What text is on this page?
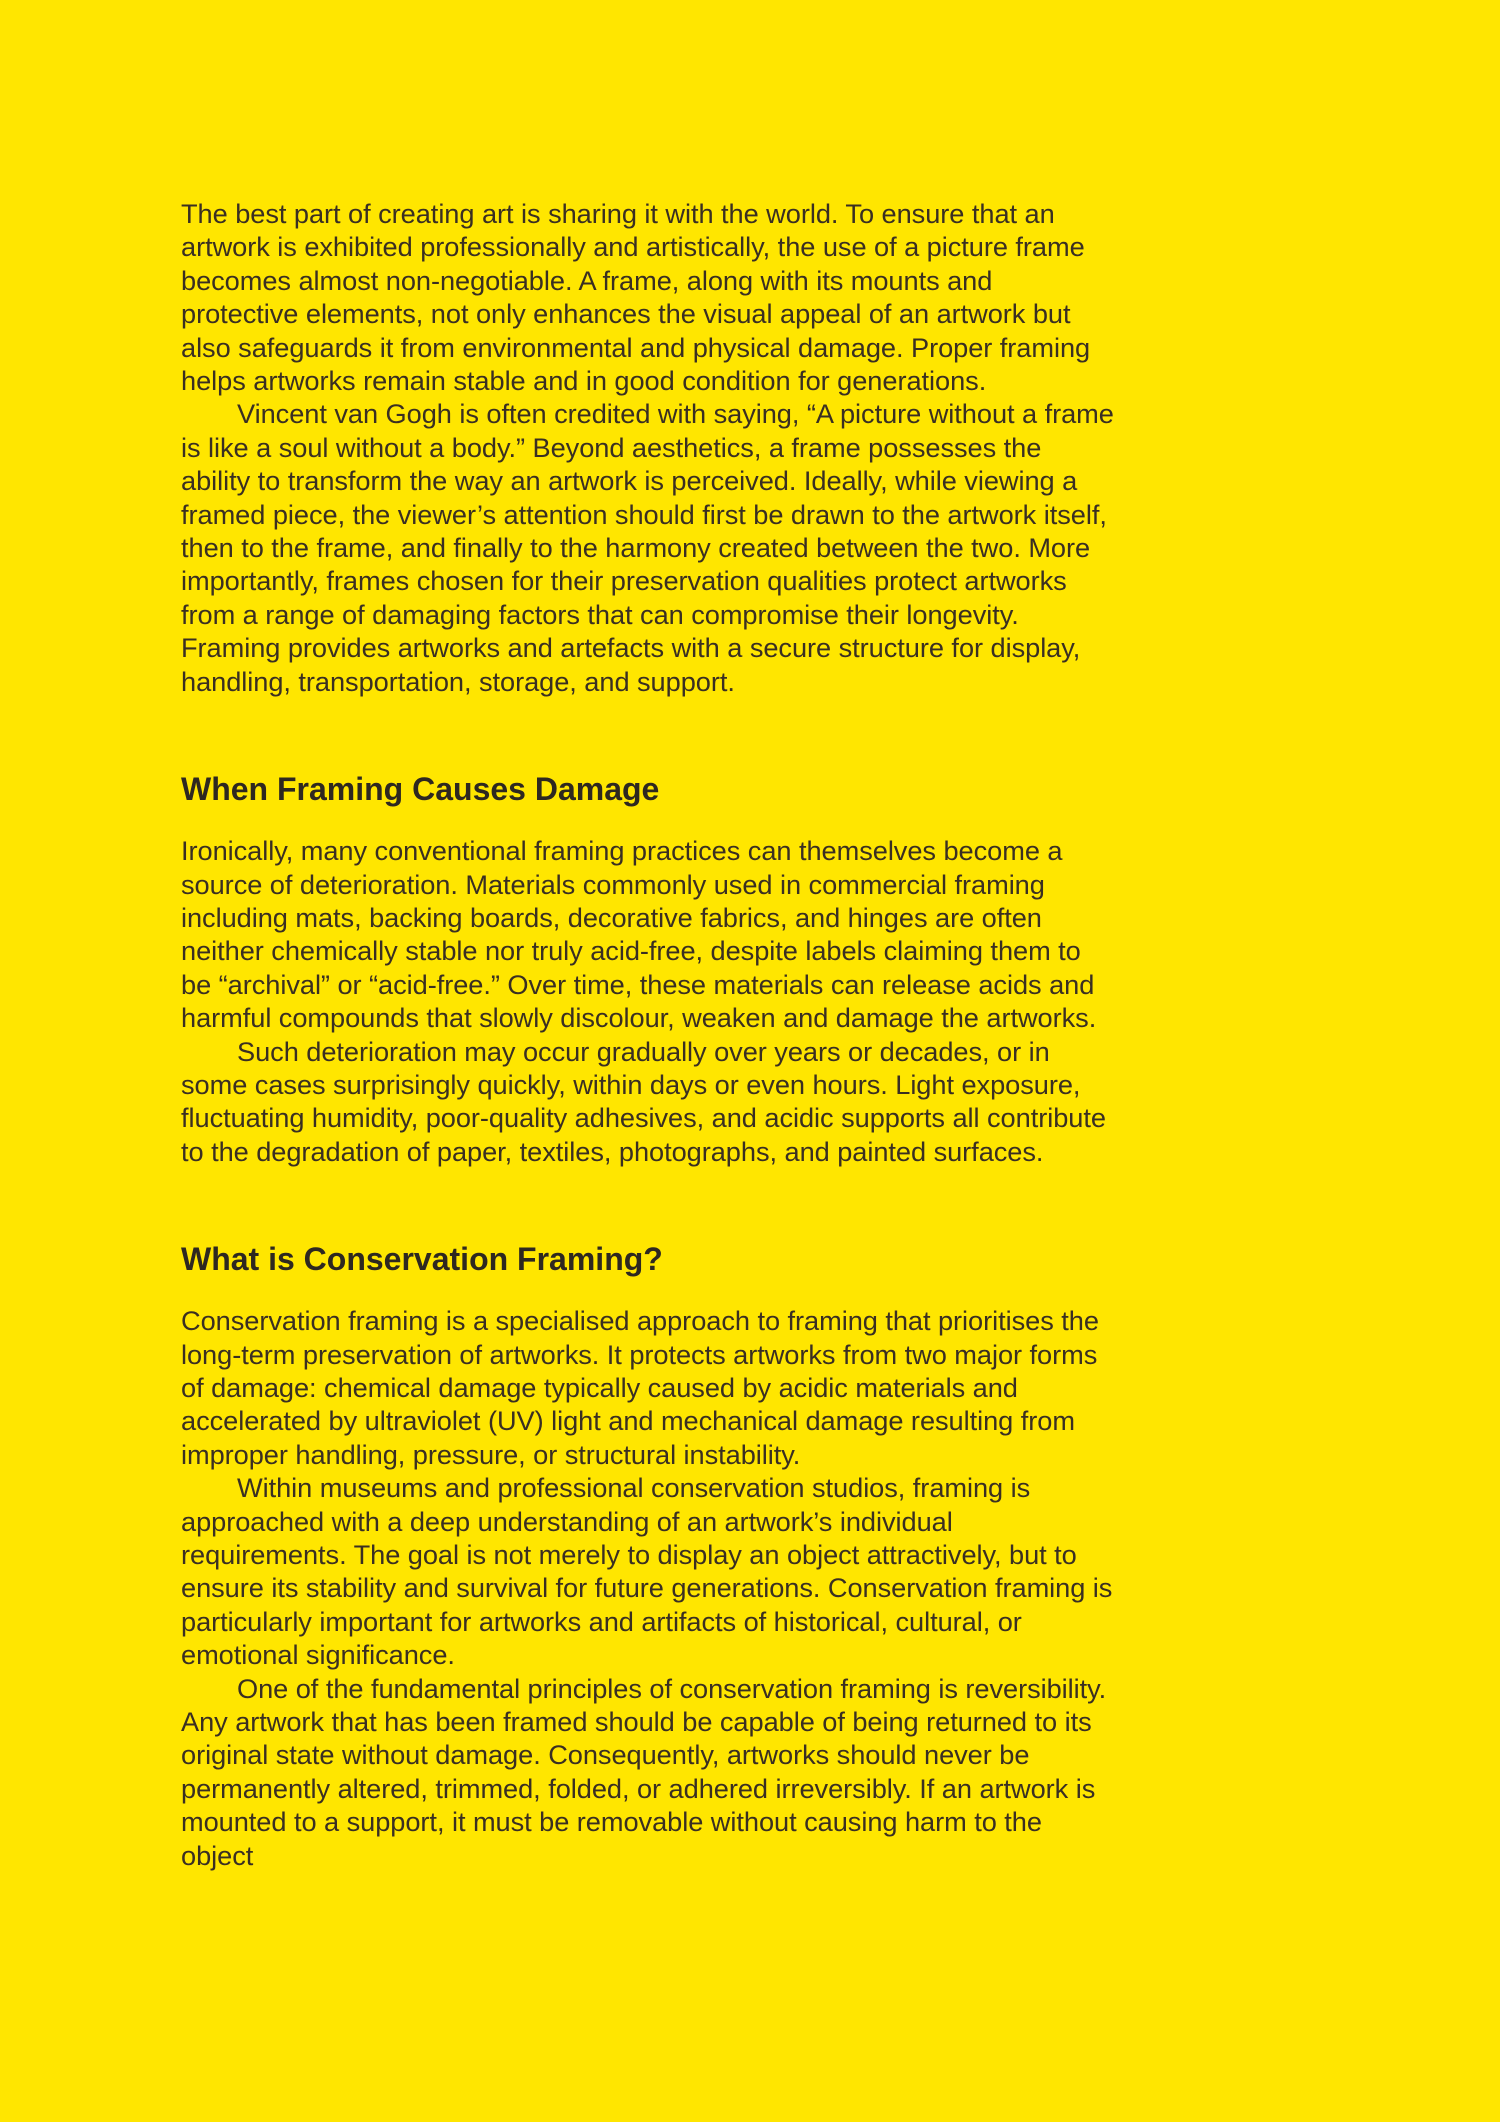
The best part of creating art is sharing it with the world. To ensure that an artwork is exhibited professionally and artistically, the use of a picture frame becomes almost non-negotiable. A frame, along with its mounts and protective elements, not only enhances the visual appeal of an artwork but also safeguards it from environmental and physical damage. Proper framing helps artworks remain stable and in good condition for generations.

Vincent van Gogh is often credited with saying, “A picture without a frame is like a soul without a body.” Beyond aesthetics, a frame possesses the ability to transform the way an artwork is perceived. Ideally, while viewing a framed piece, the viewer’s attention should first be drawn to the artwork itself, then to the frame, and finally to the harmony created between the two. More importantly, frames chosen for their preservation qualities protect artworks from a range of damaging factors that can compromise their longevity. Framing provides artworks and artefacts with a secure structure for display, handling, transportation, storage, and support.

When Framing Causes Damage

Ironically, many conventional framing practices can themselves become a source of deterioration. Materials commonly used in commercial framing including mats, backing boards, decorative fabrics, and hinges are often neither chemically stable nor truly acid-free, despite labels claiming them to be “archival” or “acid-free.” Over time, these materials can release acids and harmful compounds that slowly discolour, weaken and damage the artworks.

Such deterioration may occur gradually over years or decades, or in some cases surprisingly quickly, within days or even hours. Light exposure, fluctuating humidity, poor-quality adhesives, and acidic supports all contribute to the degradation of paper, textiles, photographs, and painted surfaces.

What is Conservation Framing?

Conservation framing is a specialised approach to framing that prioritises the long-term preservation of artworks. It protects artworks from two major forms of damage: chemical damage typically caused by acidic materials and accelerated by ultraviolet (UV) light and mechanical damage resulting from improper handling, pressure, or structural instability.

Within museums and professional conservation studios, framing is approached with a deep understanding of an artwork’s individual requirements. The goal is not merely to display an object attractively, but to ensure its stability and survival for future generations. Conservation framing is particularly important for artworks and artifacts of historical, cultural, or emotional significance.

One of the fundamental principles of conservation framing is reversibility. Any artwork that has been framed should be capable of being returned to its original state without damage. Consequently, artworks should never be permanently altered, trimmed, folded, or adhered irreversibly. If an artwork is mounted to a support, it must be removable without causing harm to the object
